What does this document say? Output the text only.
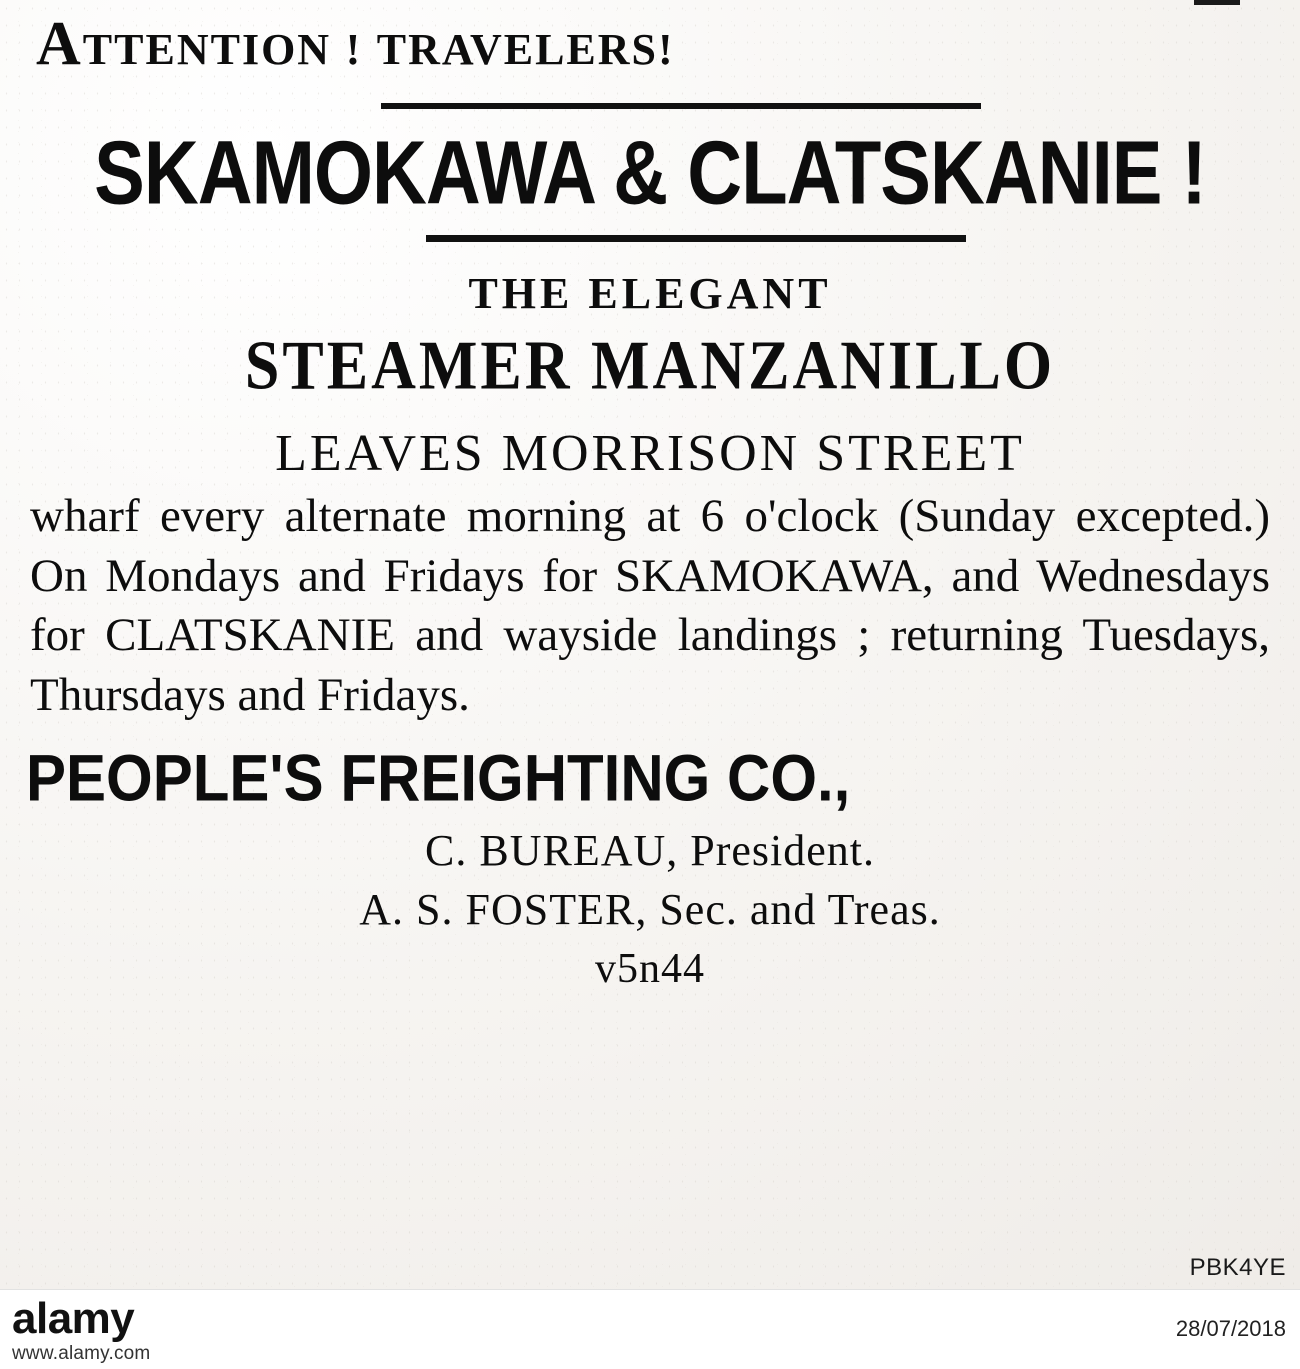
ATTENTION ! TRAVELERS!
SKAMOKAWA & CLATSKANIE !
THE ELEGANT
STEAMER MANZANILLO
LEAVES MORRISON STREET
wharf every alternate morning at 6 o'clock (Sunday excepted.) On Mondays and Fridays for SKAMOKAWA, and Wednesdays for CLATSKANIE and wayside landings ; returning Tuesdays, Thursdays and Fridays.
PEOPLE'S FREIGHTING CO.,
C. BUREAU, President.
A. S. FOSTER, Sec. and Treas.
v5n44
PBK4YE
alamy
www.alamy.com
28/07/2018
